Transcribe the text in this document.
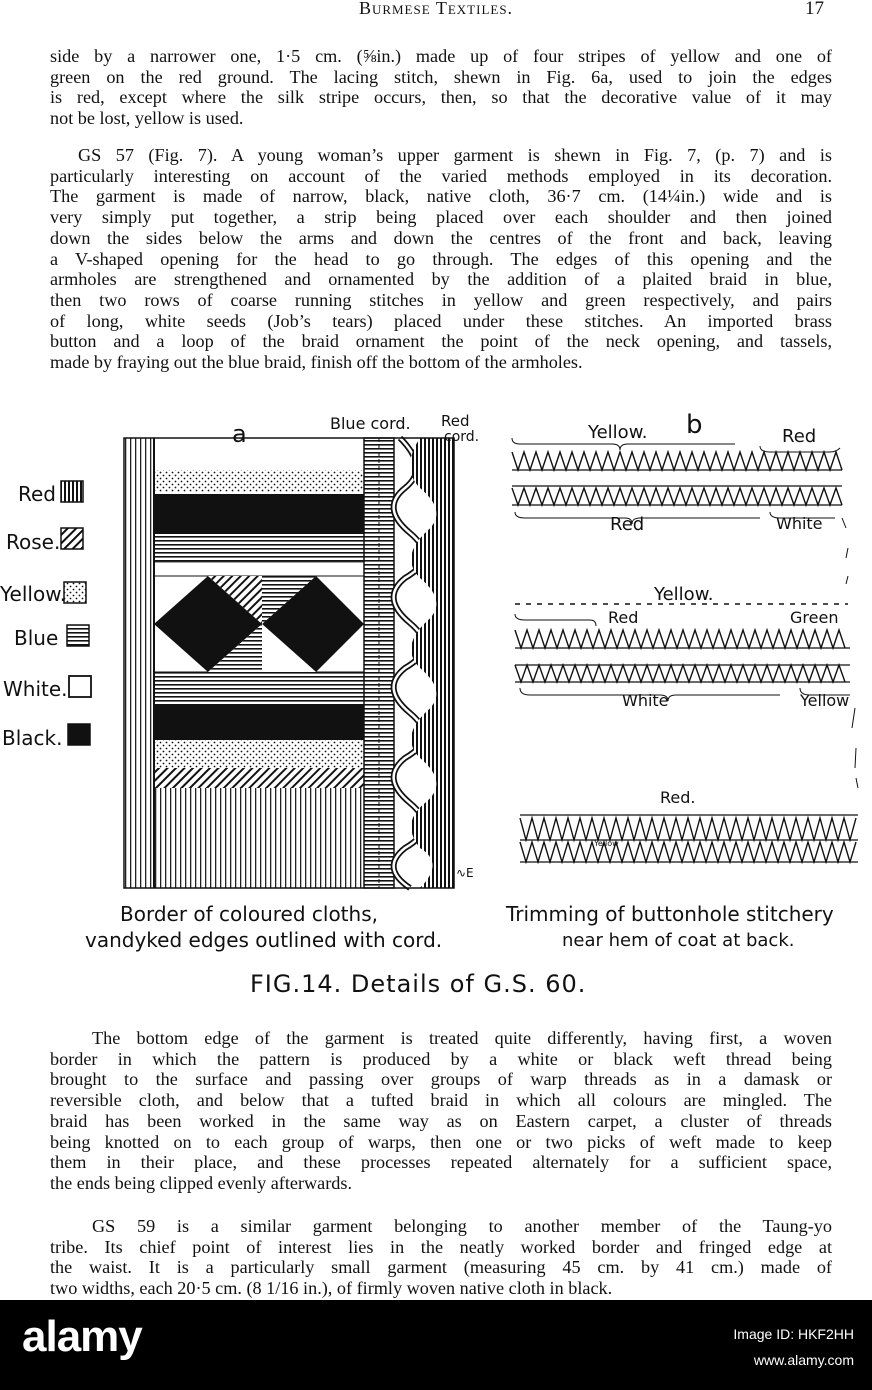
Burmese Textiles.	17
side by a narrower one, 1·5 cm. (⅝in.) made up of four stripes of yellow and one of
green on the red ground. The lacing stitch, shewn in Fig. 6a, used to join the edges
is red, except where the silk stripe occurs, then, so that the decorative value of it may
not be lost, yellow is used.
GS 57 (Fig. 7). A young woman’s upper garment is shewn in Fig. 7, (p. 7) and is
particularly interesting on account of the varied methods employed in its decoration.
The garment is made of narrow, black, native cloth, 36·7 cm. (14¼in.) wide and is
very simply put together, a strip being placed over each shoulder and then joined
down the sides below the arms and down the centres of the front and back, leaving
a V-shaped opening for the head to go through. The edges of this opening and the
armholes are strengthened and ornamented by the addition of a plaited braid in blue,
then two rows of coarse running stitches in yellow and green respectively, and pairs
of long, white seeds (Job’s tears) placed under these stitches. An imported brass
button and a loop of the braid ornament the point of the neck opening, and tassels,
made by fraying out the blue braid, finish off the bottom of the armholes.
Red
Rose.
Yellow.
Blue
White.
Black.
a	Blue cord. Red
cord.
∿E
Border of coloured cloths,
vandyked edges outlined with cord.
Yellow. b	Red
Red	White
Yellow.
Red	Green
White	Yellow
Red.
Yellow
Trimming of buttonhole stitchery
near hem of coat at back.
FIG.14. Details of G.S. 60.
The bottom edge of the garment is treated quite differently, having first, a woven
border in which the pattern is produced by a white or black weft thread being
brought to the surface and passing over groups of warp threads as in a damask or
reversible cloth, and below that a tufted braid in which all colours are mingled. The
braid has been worked in the same way as on Eastern carpet, a cluster of threads
being knotted on to each group of warps, then one or two picks of weft made to keep
them in their place, and these processes repeated alternately for a sufficient space,
the ends being clipped evenly afterwards.
GS 59 is a similar garment belonging to another member of the Taung-yo
tribe. Its chief point of interest lies in the neatly worked border and fringed edge at
the waist. It is a particularly small garment (measuring 45 cm. by 41 cm.) made of
two widths, each 20·5 cm. (8 1/16 in.), of firmly woven native cloth in black.
alamy	Image ID: HKF2HH
www.alamy.com
